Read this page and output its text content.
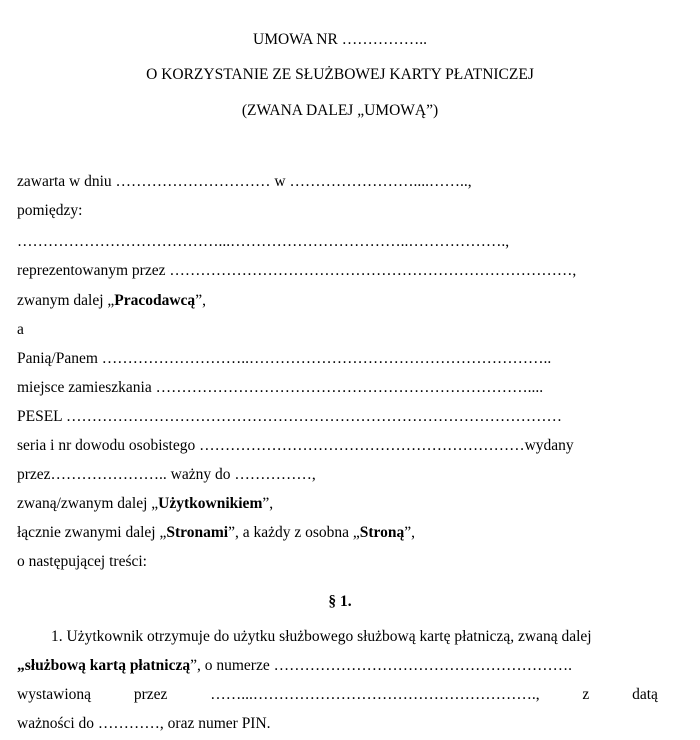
UMOWA NR ……………..
O KORZYSTANIE ZE SŁUŻBOWEJ KARTY PŁATNICZEJ
(ZWANA DALEJ „UMOWĄ”)
zawarta w dniu ………………………… w ……………………....……..,
pomiędzy:
…………………………………...……………………………..……………….,
reprezentowanym przez ……………………………………………………………………,
zwanym dalej „Pracodawcą”,
a
Panią/Panem ………………………..…………………………………………………..
miejsce zamieszkania ………………………………………………………………....
PESEL ……………………………………………………………………………………
seria i nr dowodu osobistego ………………………………………………………wydany
przez………………….. ważny do ……………,
zwaną/zwanym dalej „Użytkownikiem”,
łącznie zwanymi dalej „Stronami”, a każdy z osobna „Stroną”,
o następującej treści:
§ 1.
1. Użytkownik otrzymuje do użytku służbowego służbową kartę płatniczą, zwaną dalej
„służbową kartą płatniczą”, o numerze ………………………………………………….
wystawioną	przez	……...……………………………………………….,	z	datą
ważności do …………, oraz numer PIN.
